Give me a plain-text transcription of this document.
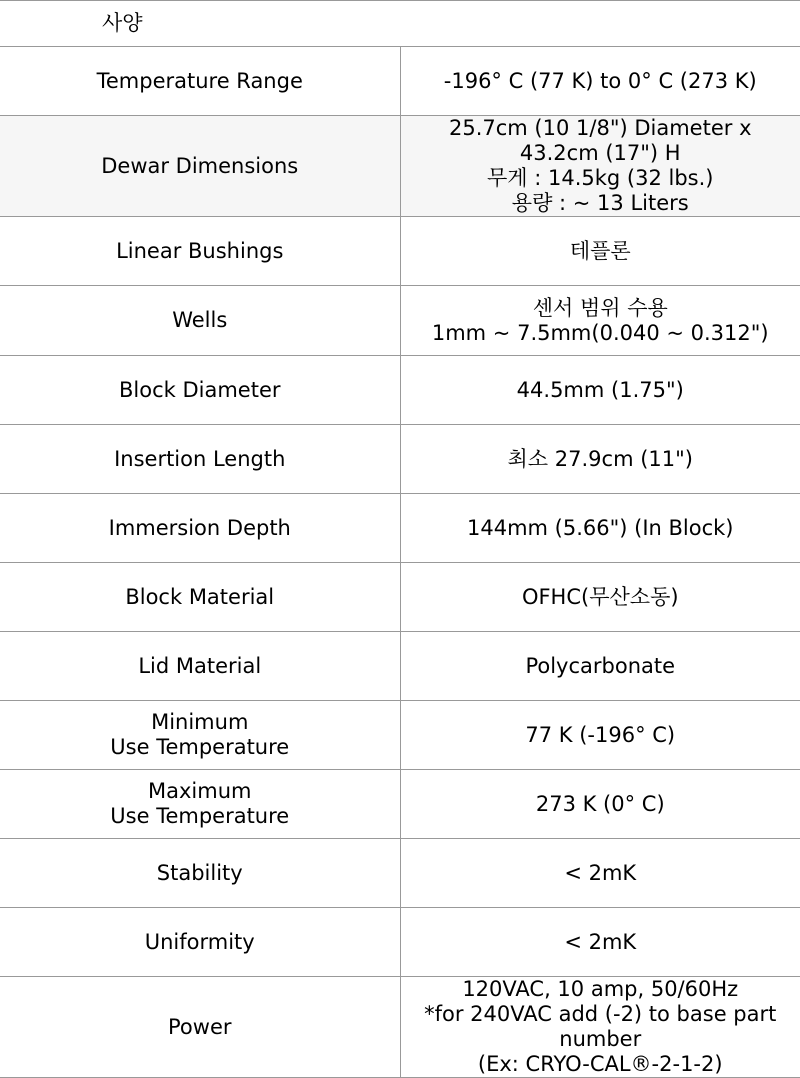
사양	

Temperature Range	-196° C (77 K) to 0° C (273 K)

Dewar Dimensions	25.7cm (10 1/8") Diameter x 43.2cm (17") H
무게 : 14.5kg (32 lbs.)
용량 : ~ 13 Liters

Linear Bushings	테플론

Wells	센서 범위 수용
1mm ~ 7.5mm(0.040 ~ 0.312")

Block Diameter	44.5mm (1.75")

Insertion Length	최소 27.9cm (11")

Immersion Depth	144mm (5.66") (In Block)

Block Material	OFHC(무산소동)

Lid Material	Polycarbonate

Minimum
Use Temperature	77 K (-196° C)

Maximum
Use Temperature	273 K (0° C)

Stability	< 2mK

Uniformity	< 2mK

Power	120VAC, 10 amp, 50/60Hz
*for 240VAC add (-2) to base part number
(Ex: CRYO-CAL®-2-1-2)
